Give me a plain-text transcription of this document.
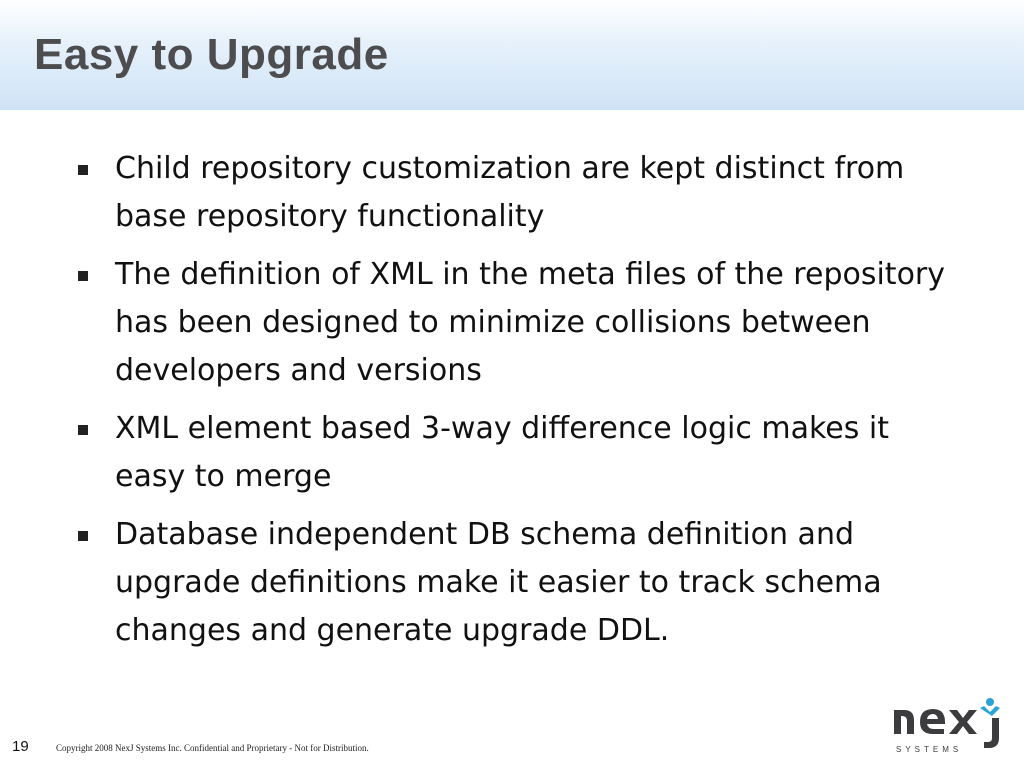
Easy to Upgrade
Child repository customization are kept distinct from base repository functionality
The definition of XML in the meta files of the repository has been designed to minimize collisions between developers and versions
XML element based 3-way difference logic makes it easy to merge
Database independent DB schema definition and upgrade definitions make it easier to track schema changes and generate upgrade DDL.
19	Copyright 2008 NexJ Systems Inc. Confidential and Proprietary - Not for Distribution.	SYSTEMS
